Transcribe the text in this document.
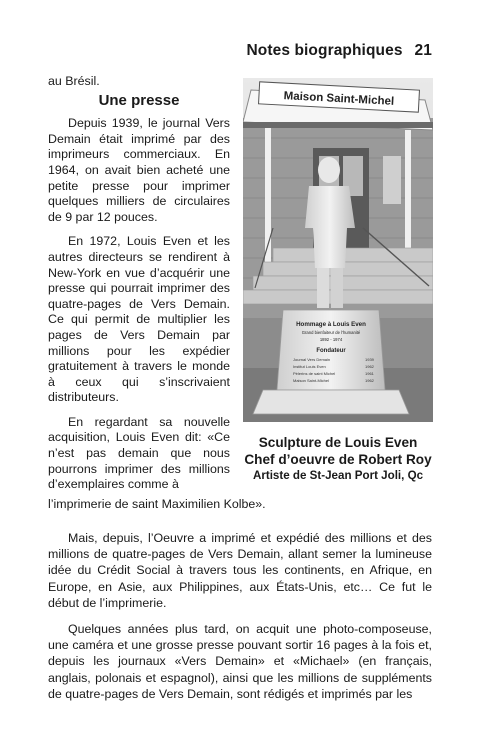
Notes biographiques 21

au Brésil.

Une presse

Depuis 1939, le journal Vers Demain était imprimé par des imprimeurs commerciaux. En 1964, on avait bien acheté une petite presse pour imprimer quelques milliers de circulaires de 9 par 12 pouces.

En 1972, Louis Even et les autres directeurs se rendirent à New-York en vue d’acquérir une presse qui pourrait imprimer des quatre-pages de Vers Demain. Ce qui permit de multiplier les pages de Vers Demain par millions pour les expédier gratuitement à travers le monde à ceux qui s’inscrivaient distributeurs.

En regardant sa nouvelle acquisition, Louis Even dit: «Ce n’est pas demain que nous pourrons imprimer des millions d’exemplaires comme à

Maison Saint-Michel
Hommage à Louis Even
Grand bienfaiteur de l’humanité
1892 - 1974
Fondateur
Journal Vers Demain	1939
Institut Louis Even	1962
Pèlerins de saint Michel	1961
Maison Saint-Michel	1962
Sculpture de Louis Even
Chef d’oeuvre de Robert Roy
Artiste de St-Jean Port Joli, Qc
l’imprimerie de saint Maximilien Kolbe».

Mais, depuis, l’Oeuvre a imprimé et expédié des millions et des millions de quatre-pages de Vers Demain, allant semer la lumineuse idée du Crédit Social à travers tous les continents, en Afrique, en Europe, en Asie, aux Philippines, aux États-Unis, etc… Ce fut le début de l’imprimerie.

Quelques années plus tard, on acquit une photo-composeuse, une caméra et une grosse presse pouvant sortir 16 pages à la fois et, depuis les journaux «Vers Demain» et «Michael» (en français, anglais, polonais et espagnol), ainsi que les millions de suppléments de quatre-pages de Vers Demain, sont rédigés et imprimés par les
